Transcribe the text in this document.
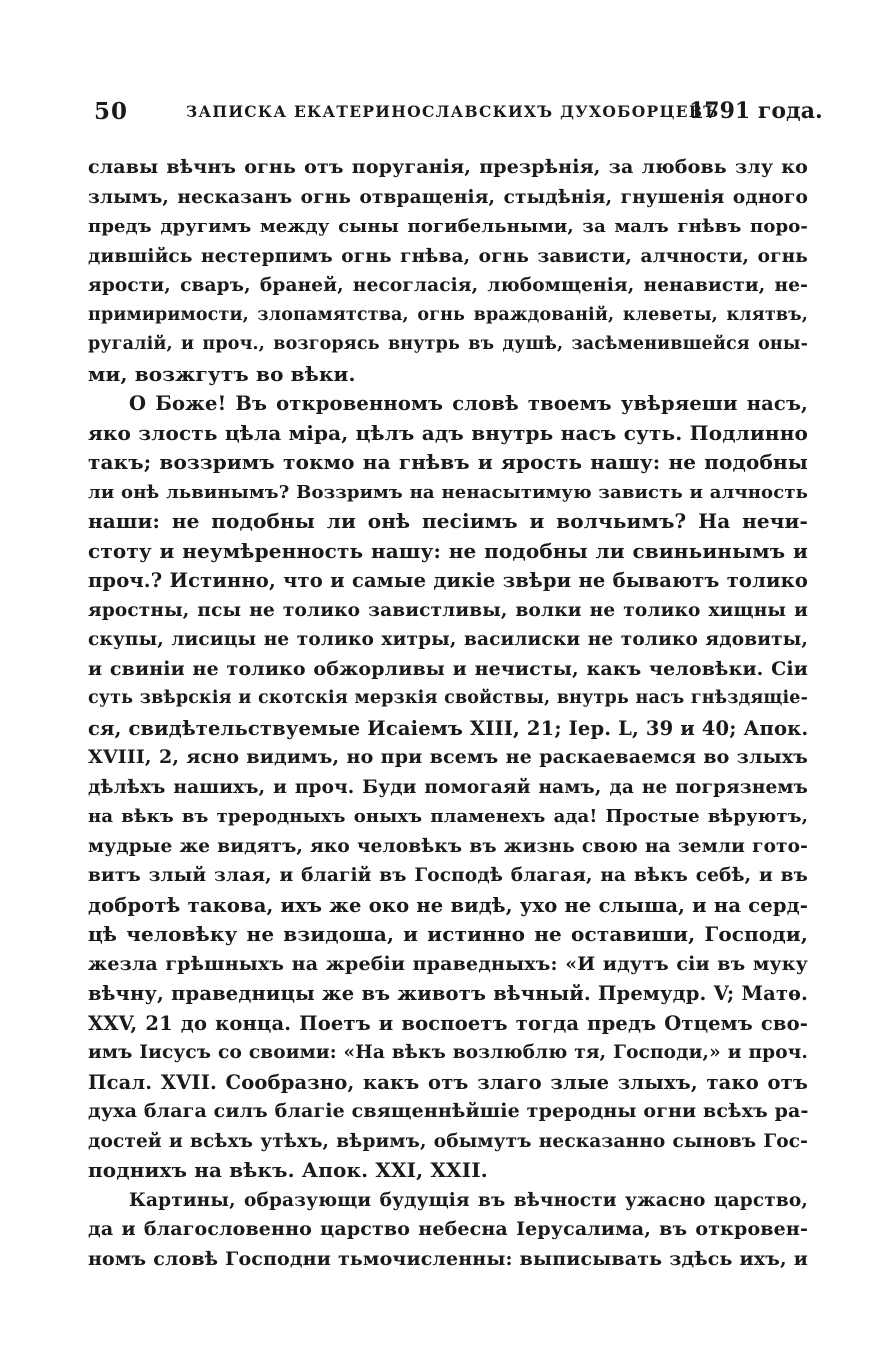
50	ЗАПИСКА ЕКАТЕРИНОСЛАВСКИХЪ ДУХОБОРЦЕВЪ
1791 года.
славы вѣчнъ огнь отъ поруганія, презрѣнія, за любовь злу ко
злымъ, несказанъ огнь отвращенія, стыдѣнія, гнушенія одного
предъ другимъ между сыны погибельными, за малъ гнѣвъ поро-
дившійсь нестерпимъ огнь гнѣва, огнь зависти, алчности, огнь
ярости, сваръ, браней, несогласія, любомщенія, ненависти, не-
примиримости, злопамятства, огнь враждованій, клеветы, клятвъ,
ругалій, и проч., возгорясь внутрь въ душѣ, засѣменившейся оны-
ми, возжгутъ во вѣки.
О Боже! Въ откровенномъ словѣ твоемъ увѣряеши насъ,
яко злость цѣла міра, цѣлъ адъ внутрь насъ суть. Подлинно
такъ; воззримъ токмо на гнѣвъ и ярость нашу: не подобны
ли онѣ львинымъ? Воззримъ на ненасытимую зависть и алчность
наши: не подобны ли онѣ песіимъ и волчьимъ? На нечи-
стоту и неумѣренность нашу: не подобны ли свиньинымъ и
проч.? Истинно, что и самые дикіе звѣри не бываютъ толико
яростны, псы не толико завистливы, волки не толико хищны и
скупы, лисицы не толико хитры, василиски не толико ядовиты,
и свиніи не толико обжорливы и нечисты, какъ человѣки. Сіи
суть звѣрскія и скотскія мерзкія свойствы, внутрь насъ гнѣздящіе-
ся, свидѣтельствуемые Исаіемъ XIII, 21; Іер. L, 39 и 40; Апок.
XVIII, 2, ясно видимъ, но при всемъ не раскаеваемся во злыхъ
дѣлѣхъ нашихъ, и проч. Буди помогаяй намъ, да не погрязнемъ
на вѣкъ въ треродныхъ оныхъ пламенехъ ада! Простые вѣруютъ,
мудрые же видятъ, яко человѣкъ въ жизнь свою на земли гото-
витъ злый злая, и благій въ Господѣ благая, на вѣкъ себѣ, и въ
добротѣ такова, ихъ же око не видѣ, ухо не слыша, и на серд-
цѣ человѣку не взидоша, и истинно не оставиши, Господи,
жезла грѣшныхъ на жребіи праведныхъ: «И идутъ сіи въ муку
вѣчну, праведницы же въ животъ вѣчный. Премудр. V; Матѳ.
XXV, 21 до конца. Поетъ и воспоетъ тогда предъ Отцемъ сво-
имъ Іисусъ со своими: «На вѣкъ возлюблю тя, Господи,» и проч.
Псал. XVII. Сообразно, какъ отъ злаго злые злыхъ, тако отъ
духа блага силъ благіе священнѣйшіе треродны огни всѣхъ ра-
достей и всѣхъ утѣхъ, вѣримъ, обымутъ несказанно сыновъ Гос-
поднихъ на вѣкъ. Апок. XXI, XXII.
Картины, образующи будущія въ вѣчности ужасно царство,
да и благословенно царство небесна Іерусалима, въ откровен-
номъ словѣ Господни тьмочисленны: выписывать здѣсь ихъ, и
